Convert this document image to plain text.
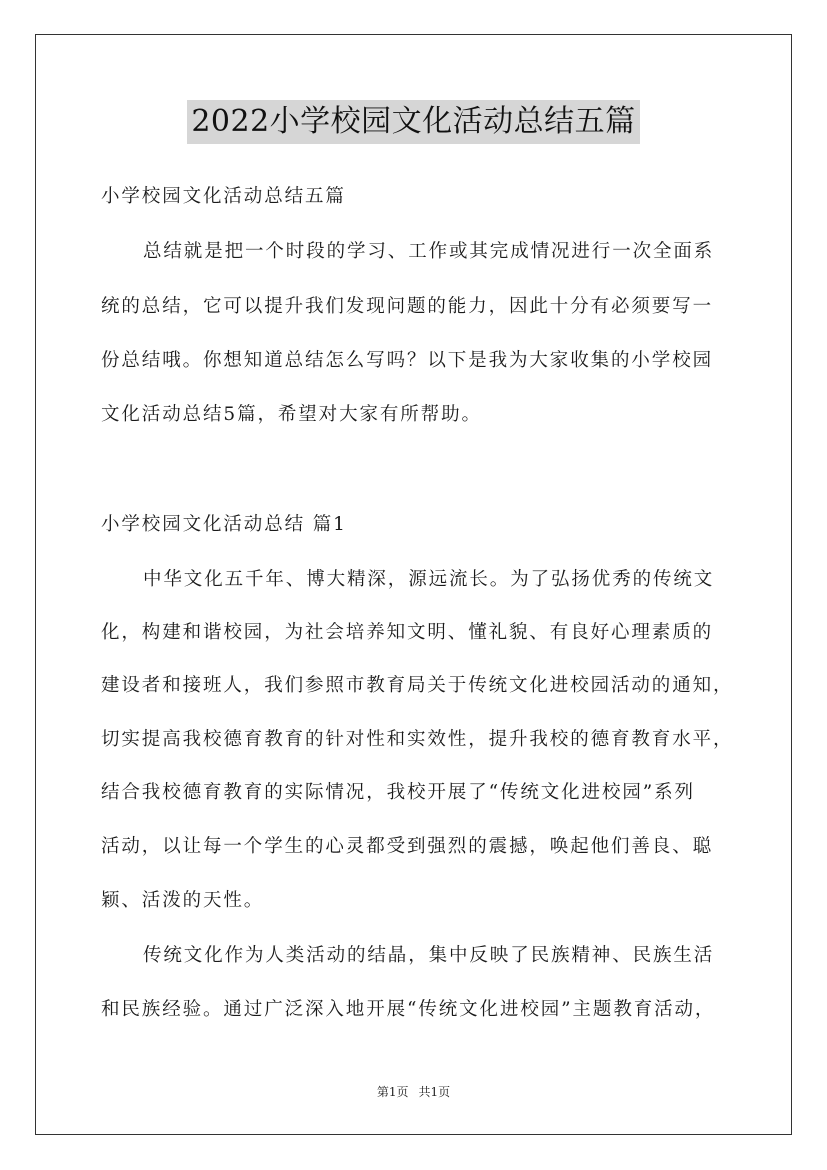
2022小学校园文化活动总结五篇
小学校园文化活动总结五篇
总结就是把一个时段的学习、工作或其完成情况进行一次全面系
统的总结，它可以提升我们发现问题的能力，因此十分有必须要写一
份总结哦。你想知道总结怎么写吗？以下是我为大家收集的小学校园
文化活动总结5篇，希望对大家有所帮助。
小学校园文化活动总结 篇1
中华文化五千年、博大精深，源远流长。为了弘扬优秀的传统文
化，构建和谐校园，为社会培养知文明、懂礼貌、有良好心理素质的
建设者和接班人，我们参照市教育局关于传统文化进校园活动的通知，
切实提高我校德育教育的针对性和实效性，提升我校的德育教育水平，
结合我校德育教育的实际情况，我校开展了“传统文化进校园”系列
活动，以让每一个学生的心灵都受到强烈的震撼，唤起他们善良、聪
颖、活泼的天性。
传统文化作为人类活动的结晶，集中反映了民族精神、民族生活
和民族经验。通过广泛深入地开展“传统文化进校园”主题教育活动，
第1页 共1页
